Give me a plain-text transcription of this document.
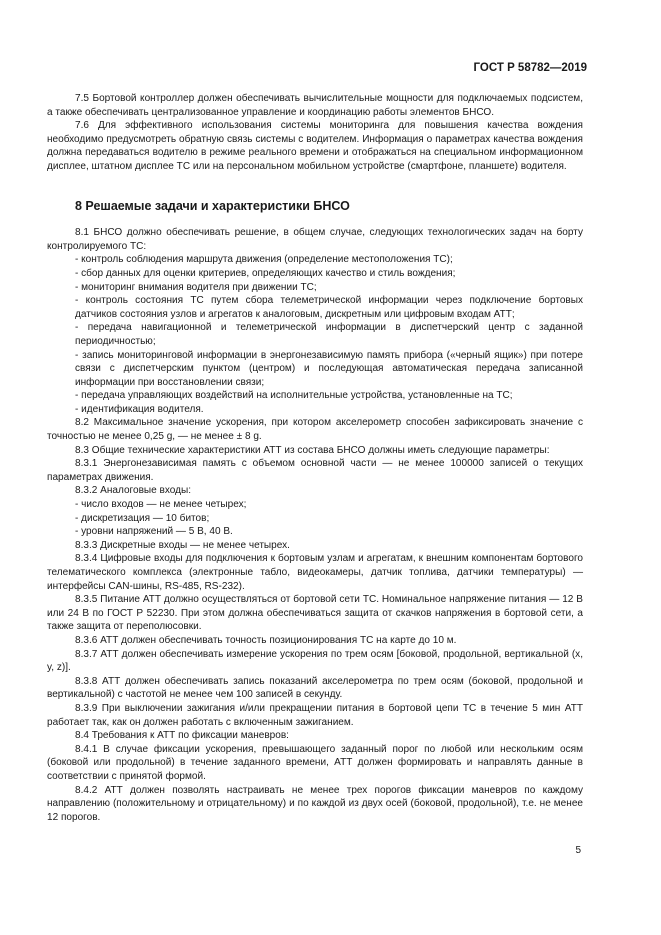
ГОСТ Р 58782—2019

7.5 Бортовой контроллер должен обеспечивать вычислительные мощности для подключаемых подсистем, а также обеспечивать централизованное управление и координацию работы элементов БНСО.

7.6 Для эффективного использования системы мониторинга для повышения качества вождения необходимо предусмотреть обратную связь системы с водителем. Информация о параметрах качества вождения должна передаваться водителю в режиме реального времени и отображаться на специальном информационном дисплее, штатном дисплее ТС или на персональном мобильном устройстве (смартфоне, планшете) водителя.

8 Решаемые задачи и характеристики БНСО

8.1 БНСО должно обеспечивать решение, в общем случае, следующих технологических задач на борту контролируемого ТС:

- контроль соблюдения маршрута движения (определение местоположения ТС);

- сбор данных для оценки критериев, определяющих качество и стиль вождения;

- мониторинг внимания водителя при движении ТС;

- контроль состояния ТС путем сбора телеметрической информации через подключение бортовых датчиков состояния узлов и агрегатов к аналоговым, дискретным или цифровым входам АТТ;

- передача навигационной и телеметрической информации в диспетчерский центр с заданной периодичностью;

- запись мониторинговой информации в энергонезависимую память прибора («черный ящик») при потере связи с диспетчерским пунктом (центром) и последующая автоматическая передача записанной информации при восстановлении связи;

- передача управляющих воздействий на исполнительные устройства, установленные на ТС;

- идентификация водителя.

8.2 Максимальное значение ускорения, при котором акселерометр способен зафиксировать значение с точностью не менее 0,25 g, — не менее ± 8 g.

8.3 Общие технические характеристики АТТ из состава БНСО должны иметь следующие параметры:

8.3.1 Энергонезависимая память с объемом основной части — не менее 100000 записей о текущих параметрах движения.

8.3.2 Аналоговые входы:

- число входов — не менее четырех;

- дискретизация — 10 битов;

- уровни напряжений — 5 В, 40 В.

8.3.3 Дискретные входы — не менее четырех.

8.3.4 Цифровые входы для подключения к бортовым узлам и агрегатам, к внешним компонентам бортового телематического комплекса (электронные табло, видеокамеры, датчик топлива, датчики температуры) — интерфейсы CAN-шины, RS-485, RS-232).

8.3.5 Питание АТТ должно осуществляться от бортовой сети ТС. Номинальное напряжение питания — 12 В или 24 В по ГОСТ Р 52230. При этом должна обеспечиваться защита от скачков напряжения в бортовой сети, а также защита от переполюсовки.

8.3.6 АТТ должен обеспечивать точность позиционирования ТС на карте до 10 м.

8.3.7 АТТ должен обеспечивать измерение ускорения по трем осям [боковой, продольной, вертикальной (x, y, z)].

8.3.8 АТТ должен обеспечивать запись показаний акселерометра по трем осям (боковой, продольной и вертикальной) с частотой не менее чем 100 записей в секунду.

8.3.9 При выключении зажигания и/или прекращении питания в бортовой цепи ТС в течение 5 мин АТТ работает так, как он должен работать с включенным зажиганием.

8.4 Требования к АТТ по фиксации маневров:

8.4.1 В случае фиксации ускорения, превышающего заданный порог по любой или нескольким осям (боковой или продольной) в течение заданного времени, АТТ должен формировать и направлять данные в соответствии с принятой формой.

8.4.2 АТТ должен позволять настраивать не менее трех порогов фиксации маневров по каждому направлению (положительному и отрицательному) и по каждой из двух осей (боковой, продольной), т.е. не менее 12 порогов.

5
